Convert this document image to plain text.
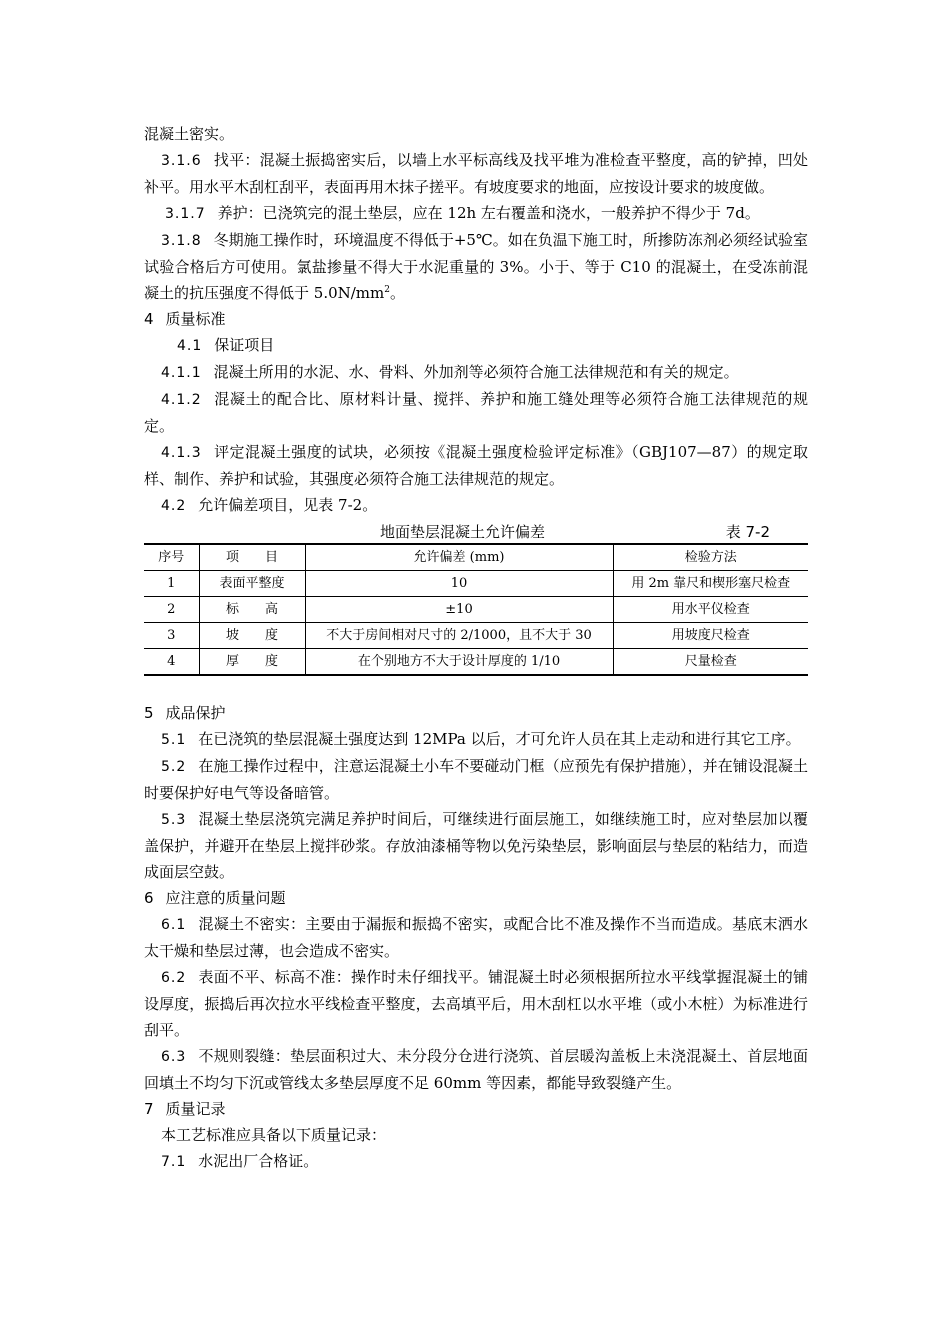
混凝土密实。

3.1.6 找平：混凝土振捣密实后，以墙上水平标高线及找平堆为准检查平整度，高的铲掉，凹处补平。用水平木刮杠刮平，表面再用木抹子搓平。有坡度要求的地面，应按设计要求的坡度做。

3.1.7 养护：已浇筑完的混土垫层，应在 12h 左右覆盖和浇水，一般养护不得少于 7d。

3.1.8 冬期施工操作时，环境温度不得低于+5℃。如在负温下施工时，所掺防冻剂必须经试验室试验合格后方可使用。氯盐掺量不得大于水泥重量的 3%。小于、等于 C10 的混凝土，在受冻前混凝土的抗压强度不得低于 $5.0N/mm^2$。

4 质量标准

4.1 保证项目

4.1.1 混凝土所用的水泥、水、骨料、外加剂等必须符合施工法律规范和有关的规定。

4.1.2 混凝土的配合比、原材料计量、搅拌、养护和施工缝处理等必须符合施工法律规范的规定。

4.1.3 评定混凝土强度的试块，必须按《混凝土强度检验评定标准》（GBJ107—87）的规定取样、制作、养护和试验，其强度必须符合施工法律规范的规定。

4.2 允许偏差项目，见表 7-2。

地面垫层混凝土允许偏差	表 7-2
序号	项　　目	允许偏差 (mm)	检验方法
1	表面平整度	10	用 2m 靠尺和楔形塞尺检查
2	标　　高	±10	用水平仪检查
3	坡　　度	不大于房间相对尺寸的 2/1000，且不大于 30	用坡度尺检查
4	厚　　度	在个别地方不大于设计厚度的 1/10	尺量检查

5 成品保护

5.1 在已浇筑的垫层混凝土强度达到 12MPa 以后，才可允许人员在其上走动和进行其它工序。

5.2 在施工操作过程中，注意运混凝土小车不要碰动门框（应预先有保护措施），并在铺设混凝土时要保护好电气等设备暗管。

5.3 混凝土垫层浇筑完满足养护时间后，可继续进行面层施工，如继续施工时，应对垫层加以覆盖保护，并避开在垫层上搅拌砂浆。存放油漆桶等物以免污染垫层，影响面层与垫层的粘结力，而造成面层空鼓。

6 应注意的质量问题

6.1 混凝土不密实：主要由于漏振和振捣不密实，或配合比不准及操作不当而造成。基底末洒水太干燥和垫层过薄，也会造成不密实。

6.2 表面不平、标高不准：操作时未仔细找平。铺混凝土时必须根据所拉水平线掌握混凝土的铺设厚度，振捣后再次拉水平线检查平整度，去高填平后，用木刮杠以水平堆（或小木桩）为标准进行刮平。

6.3 不规则裂缝：垫层面积过大、未分段分仓进行浇筑、首层暖沟盖板上未浇混凝土、首层地面回填土不均匀下沉或管线太多垫层厚度不足 60mm 等因素，都能导致裂缝产生。

7 质量记录

本工艺标准应具备以下质量记录：

7.1 水泥出厂合格证。
